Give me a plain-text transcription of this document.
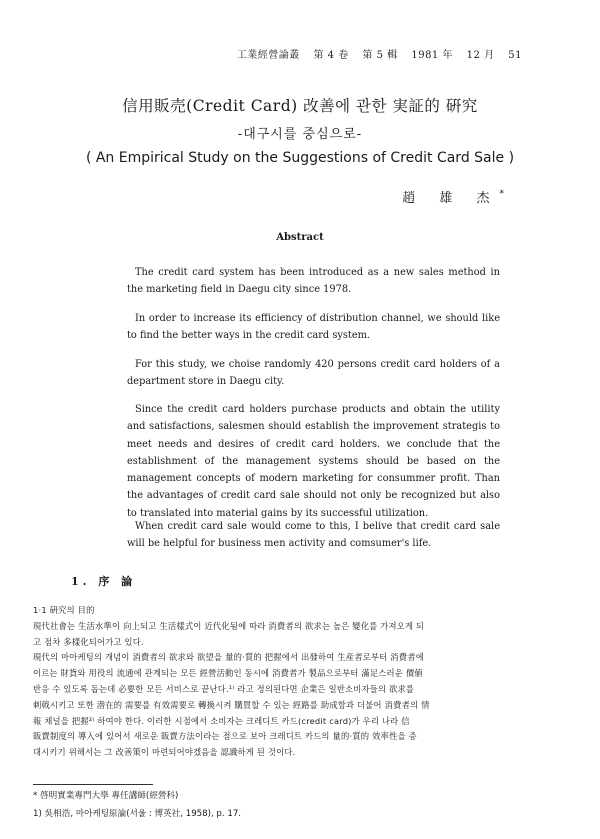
工業經營論叢 第 4 卷 第 5 輯 1981 年 12 月 51
信用販売(Credit Card) 改善에 관한 実証的 硏究
-대구시를 중심으로-
( An Empirical Study on the Suggestions of Credit Card Sale )
趙 雄 杰*
Abstract

The credit card system has been introduced as a new sales method in the marketing field in Daegu city since 1978.

In order to increase its efficiency of distribution channel, we should like to find the better ways in the credit card system.

For this study, we choise randomly 420 persons credit card holders of a department store in Daegu city.

Since the credit card holders purchase products and obtain the utility and satisfactions, salesmen should establish the improvement strategis to meet needs and desires of credit card holders. we conclude that the establishment of the management systems should be based on the management concepts of modern marketing for consummer profit. Than the advantages of credit card sale should not only be recognized but also to translated into material gains by its successful utilization.

When credit card sale would come to this, I belive that credit card sale will be helpful for business men activity and comsumer's life.

1. 序 論
1·1 硏究의 目的
現代社會는 生活水準이 向上되고 生活樣式이 近代化됨에 따라 消費者의 欲求는 높은 變化를 가져오게 되
고 점차 多樣化되어가고 있다.
現代의 마아케팅의 개념이 消費者의 欲求와 欲望을 量的·質的 把握에서 出發하여 生産者로부터 消費者에
이르는 財貨와 用役의 流通에 관계되는 모든 經營活動인 동시에 消費者가 製品으로부터 滿足스러운 價値
반응 수 있도록 돕는데 必要한 모든 서비스로 끝난다.¹⁾ 라고 정의된다면 企業은 일반소비자들의 欲求를
刺戟시키고 또한 潜在的 需要를 有效需要로 轉換시켜 購買할 수 있는 經路를 助成함과 더불어 消費者의 情
報 채널을 把握²⁾ 하여야 한다. 이러한 시점에서 소비자는 크레디트 카드(credit card)가 우리 나라 信
販賣制度의 導入에 있어서 새로운 販賣方法이라는 점으로 보아 크레디트 카드의 量的·質的 效率性을 증
대시키기 위해서는 그 改善策이 마련되어야겠음을 認識하게 된 것이다.
* 啓明實業專門大學 專任講師(經營科)
1) 吳相浩, 마아케팅原論(서울 : 博英社, 1958), p. 17.
